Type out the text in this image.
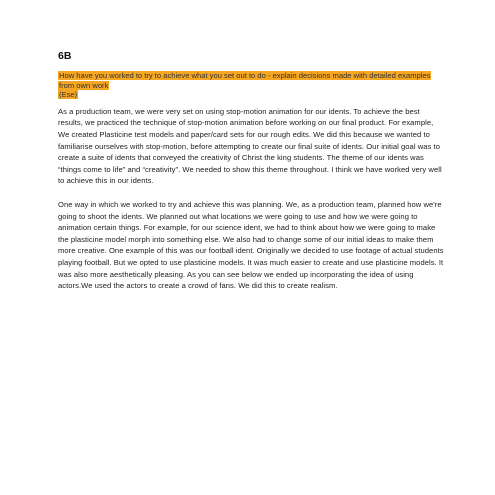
6B
How have you worked to try to achieve what you set out to do - explain decisions made with detailed examples from own work
(Ese)

As a production team, we were very set on using stop-motion animation for our idents. To achieve the best results, we practiced the technique of stop-motion animation before working on our final product. For example, We created Plasticine test models and paper/card sets for our rough edits. We did this because we wanted to familiarise ourselves with stop-motion, before attempting to create our final suite of idents. Our initial goal was to create a suite of idents that conveyed the creativity of Christ the king students. The theme of our idents was “things come to life” and “creativity”. We needed to show this theme throughout. I think we have worked very well to achieve this in our idents.

One way in which we worked to try and achieve this was planning. We, as a production team, planned how we're going to shoot the idents. We planned out what locations we were going to use and how we were going to animation certain things. For example, for our science ident, we had to think about how we were going to make the plasticine model morph into something else. We also had to change some of our initial ideas to make them more creative. One example of this was our football ident. Originally we decided to use footage of actual students playing football. But we opted to use plasticine models. It was much easier to create and use plasticine models. It was also more aesthetically pleasing. As you can see below we ended up incorporating the idea of using actors.We used the actors to create a crowd of fans. We did this to create realism.
